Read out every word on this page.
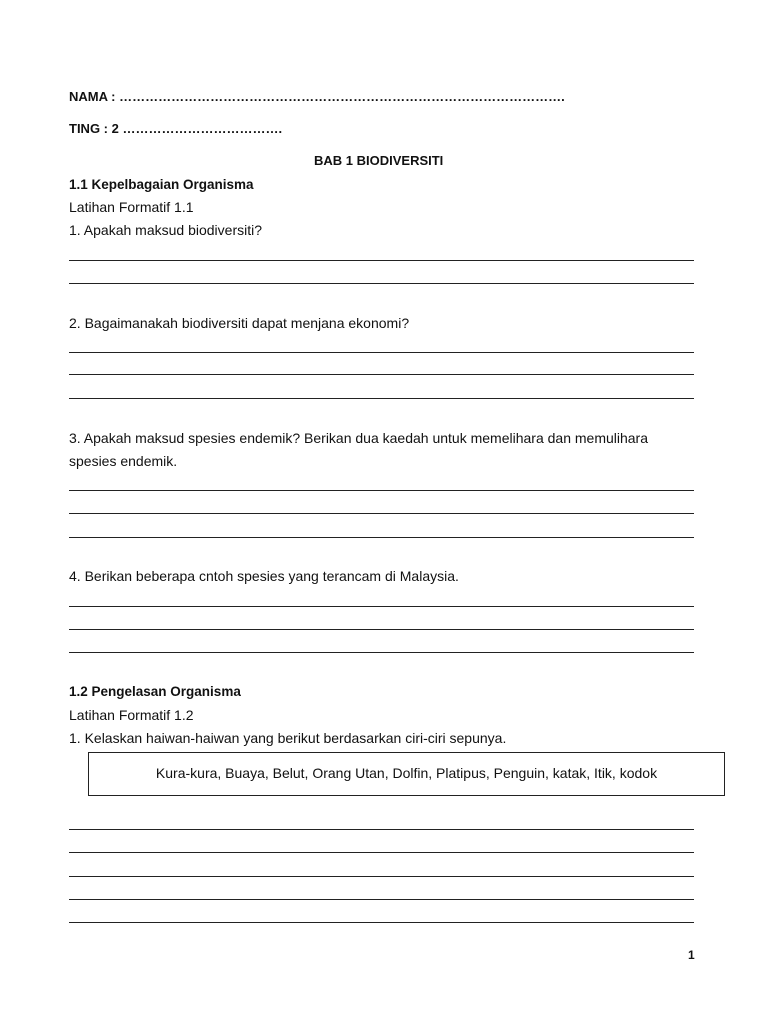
NAMA : ………………………………………………………………………………………….
TING : 2 ……………………………….
BAB 1 BIODIVERSITI
1.1 Kepelbagaian Organisma
Latihan Formatif 1.1
1. Apakah maksud biodiversiti?
2. Bagaimanakah biodiversiti dapat menjana ekonomi?
3. Apakah maksud spesies endemik? Berikan dua kaedah untuk memelihara dan memulihara
spesies endemik.
4. Berikan beberapa cntoh spesies yang terancam di Malaysia.
1.2 Pengelasan Organisma
Latihan Formatif 1.2
1. Kelaskan haiwan-haiwan yang berikut berdasarkan ciri-ciri sepunya.
Kura-kura, Buaya, Belut, Orang Utan, Dolfin, Platipus, Penguin, katak, Itik, kodok
1
